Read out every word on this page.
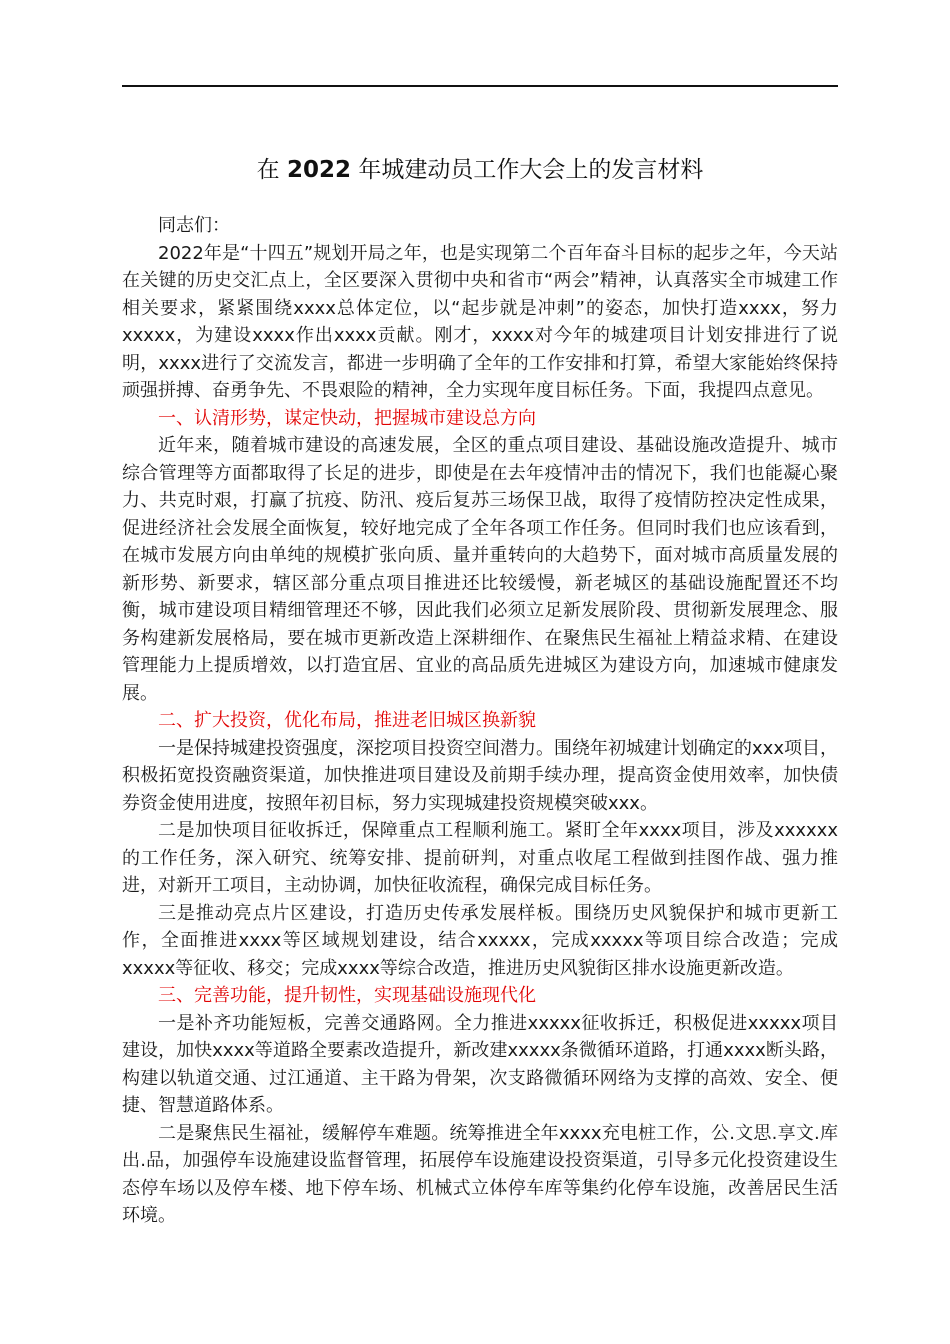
在 2022 年城建动员工作大会上的发言材料

同志们：

2022年是“十四五”规划开局之年，也是实现第二个百年奋斗目标的起步之年，今天站在关键的历史交汇点上，全区要深入贯彻中央和省市“两会”精神，认真落实全市城建工作相关要求，紧紧围绕xxxx总体定位，以“起步就是冲刺”的姿态，加快打造xxxx，努力xxxxx，为建设xxxx作出xxxx贡献。刚才，xxxx对今年的城建项目计划安排进行了说明，xxxx进行了交流发言，都进一步明确了全年的工作安排和打算，希望大家能始终保持顽强拼搏、奋勇争先、不畏艰险的精神，全力实现年度目标任务。下面，我提四点意见。

一、认清形势，谋定快动，把握城市建设总方向

近年来，随着城市建设的高速发展，全区的重点项目建设、基础设施改造提升、城市综合管理等方面都取得了长足的进步，即使是在去年疫情冲击的情况下，我们也能凝心聚力、共克时艰，打赢了抗疫、防汛、疫后复苏三场保卫战，取得了疫情防控决定性成果，促进经济社会发展全面恢复，较好地完成了全年各项工作任务。但同时我们也应该看到，在城市发展方向由单纯的规模扩张向质、量并重转向的大趋势下，面对城市高质量发展的新形势、新要求，辖区部分重点项目推进还比较缓慢，新老城区的基础设施配置还不均衡，城市建设项目精细管理还不够，因此我们必须立足新发展阶段、贯彻新发展理念、服务构建新发展格局，要在城市更新改造上深耕细作、在聚焦民生福祉上精益求精、在建设管理能力上提质增效，以打造宜居、宜业的高品质先进城区为建设方向，加速城市健康发展。

二、扩大投资，优化布局，推进老旧城区换新貌

一是保持城建投资强度，深挖项目投资空间潜力。围绕年初城建计划确定的xxx项目，积极拓宽投资融资渠道，加快推进项目建设及前期手续办理，提高资金使用效率，加快债券资金使用进度，按照年初目标，努力实现城建投资规模突破xxx。

二是加快项目征收拆迁，保障重点工程顺利施工。紧盯全年xxxx项目，涉及xxxxxx的工作任务，深入研究、统筹安排、提前研判，对重点收尾工程做到挂图作战、强力推进，对新开工项目，主动协调，加快征收流程，确保完成目标任务。

三是推动亮点片区建设，打造历史传承发展样板。围绕历史风貌保护和城市更新工作，全面推进xxxx等区域规划建设，结合xxxxx，完成xxxxx等项目综合改造；完成xxxxx等征收、移交；完成xxxx等综合改造，推进历史风貌街区排水设施更新改造。

三、完善功能，提升韧性，实现基础设施现代化

一是补齐功能短板，完善交通路网。全力推进xxxxx征收拆迁，积极促进xxxxx项目建设，加快xxxx等道路全要素改造提升，新改建xxxxx条微循环道路，打通xxxx断头路，构建以轨道交通、过江通道、主干路为骨架，次支路微循环网络为支撑的高效、安全、便捷、智慧道路体系。

二是聚焦民生福祉，缓解停车难题。统筹推进全年xxxx充电桩工作，公.文思.享文.库出.品，加强停车设施建设监督管理，拓展停车设施建设投资渠道，引导多元化投资建设生态停车场以及停车楼、地下停车场、机械式立体停车库等集约化停车设施，改善居民生活环境。
